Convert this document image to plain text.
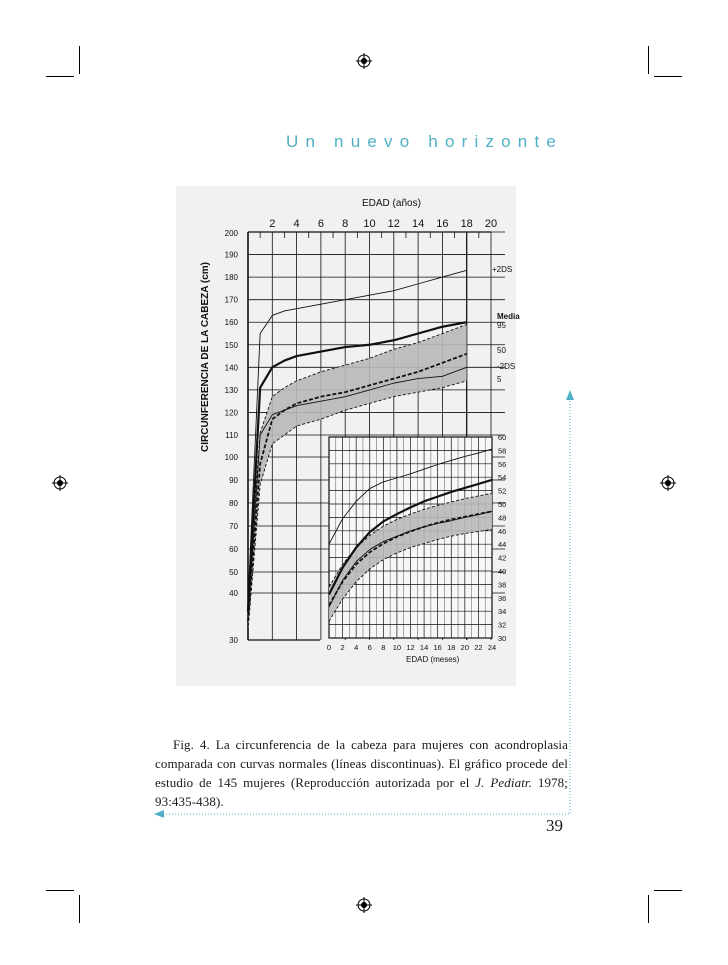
Un nuevo horizonte
EDAD (años)
2 4 6 8 10 12 14 16 18 20
30
40
50
60
70
80
90
100
110
120
130
140
150
160
170
180
190
200
CIRCUNFERENCIA DE LA CABEZA (cm)	+2DS
Media
95
50
-2DS
5
30
32
34
36
38
40
42
44
46
48
50
52
54
56
58
60
0 2 4 6 8 10 12 14 16 18 20 22 24
EDAD (meses)
Fig. 4. La circunferencia de la cabeza para mujeres con acondroplasia comparada con curvas normales (líneas discontinuas). El gráfico procede del estudio de 145 mujeres (Reproducción autorizada por el J. Pediatr. 1978; 93:435-438).
39
